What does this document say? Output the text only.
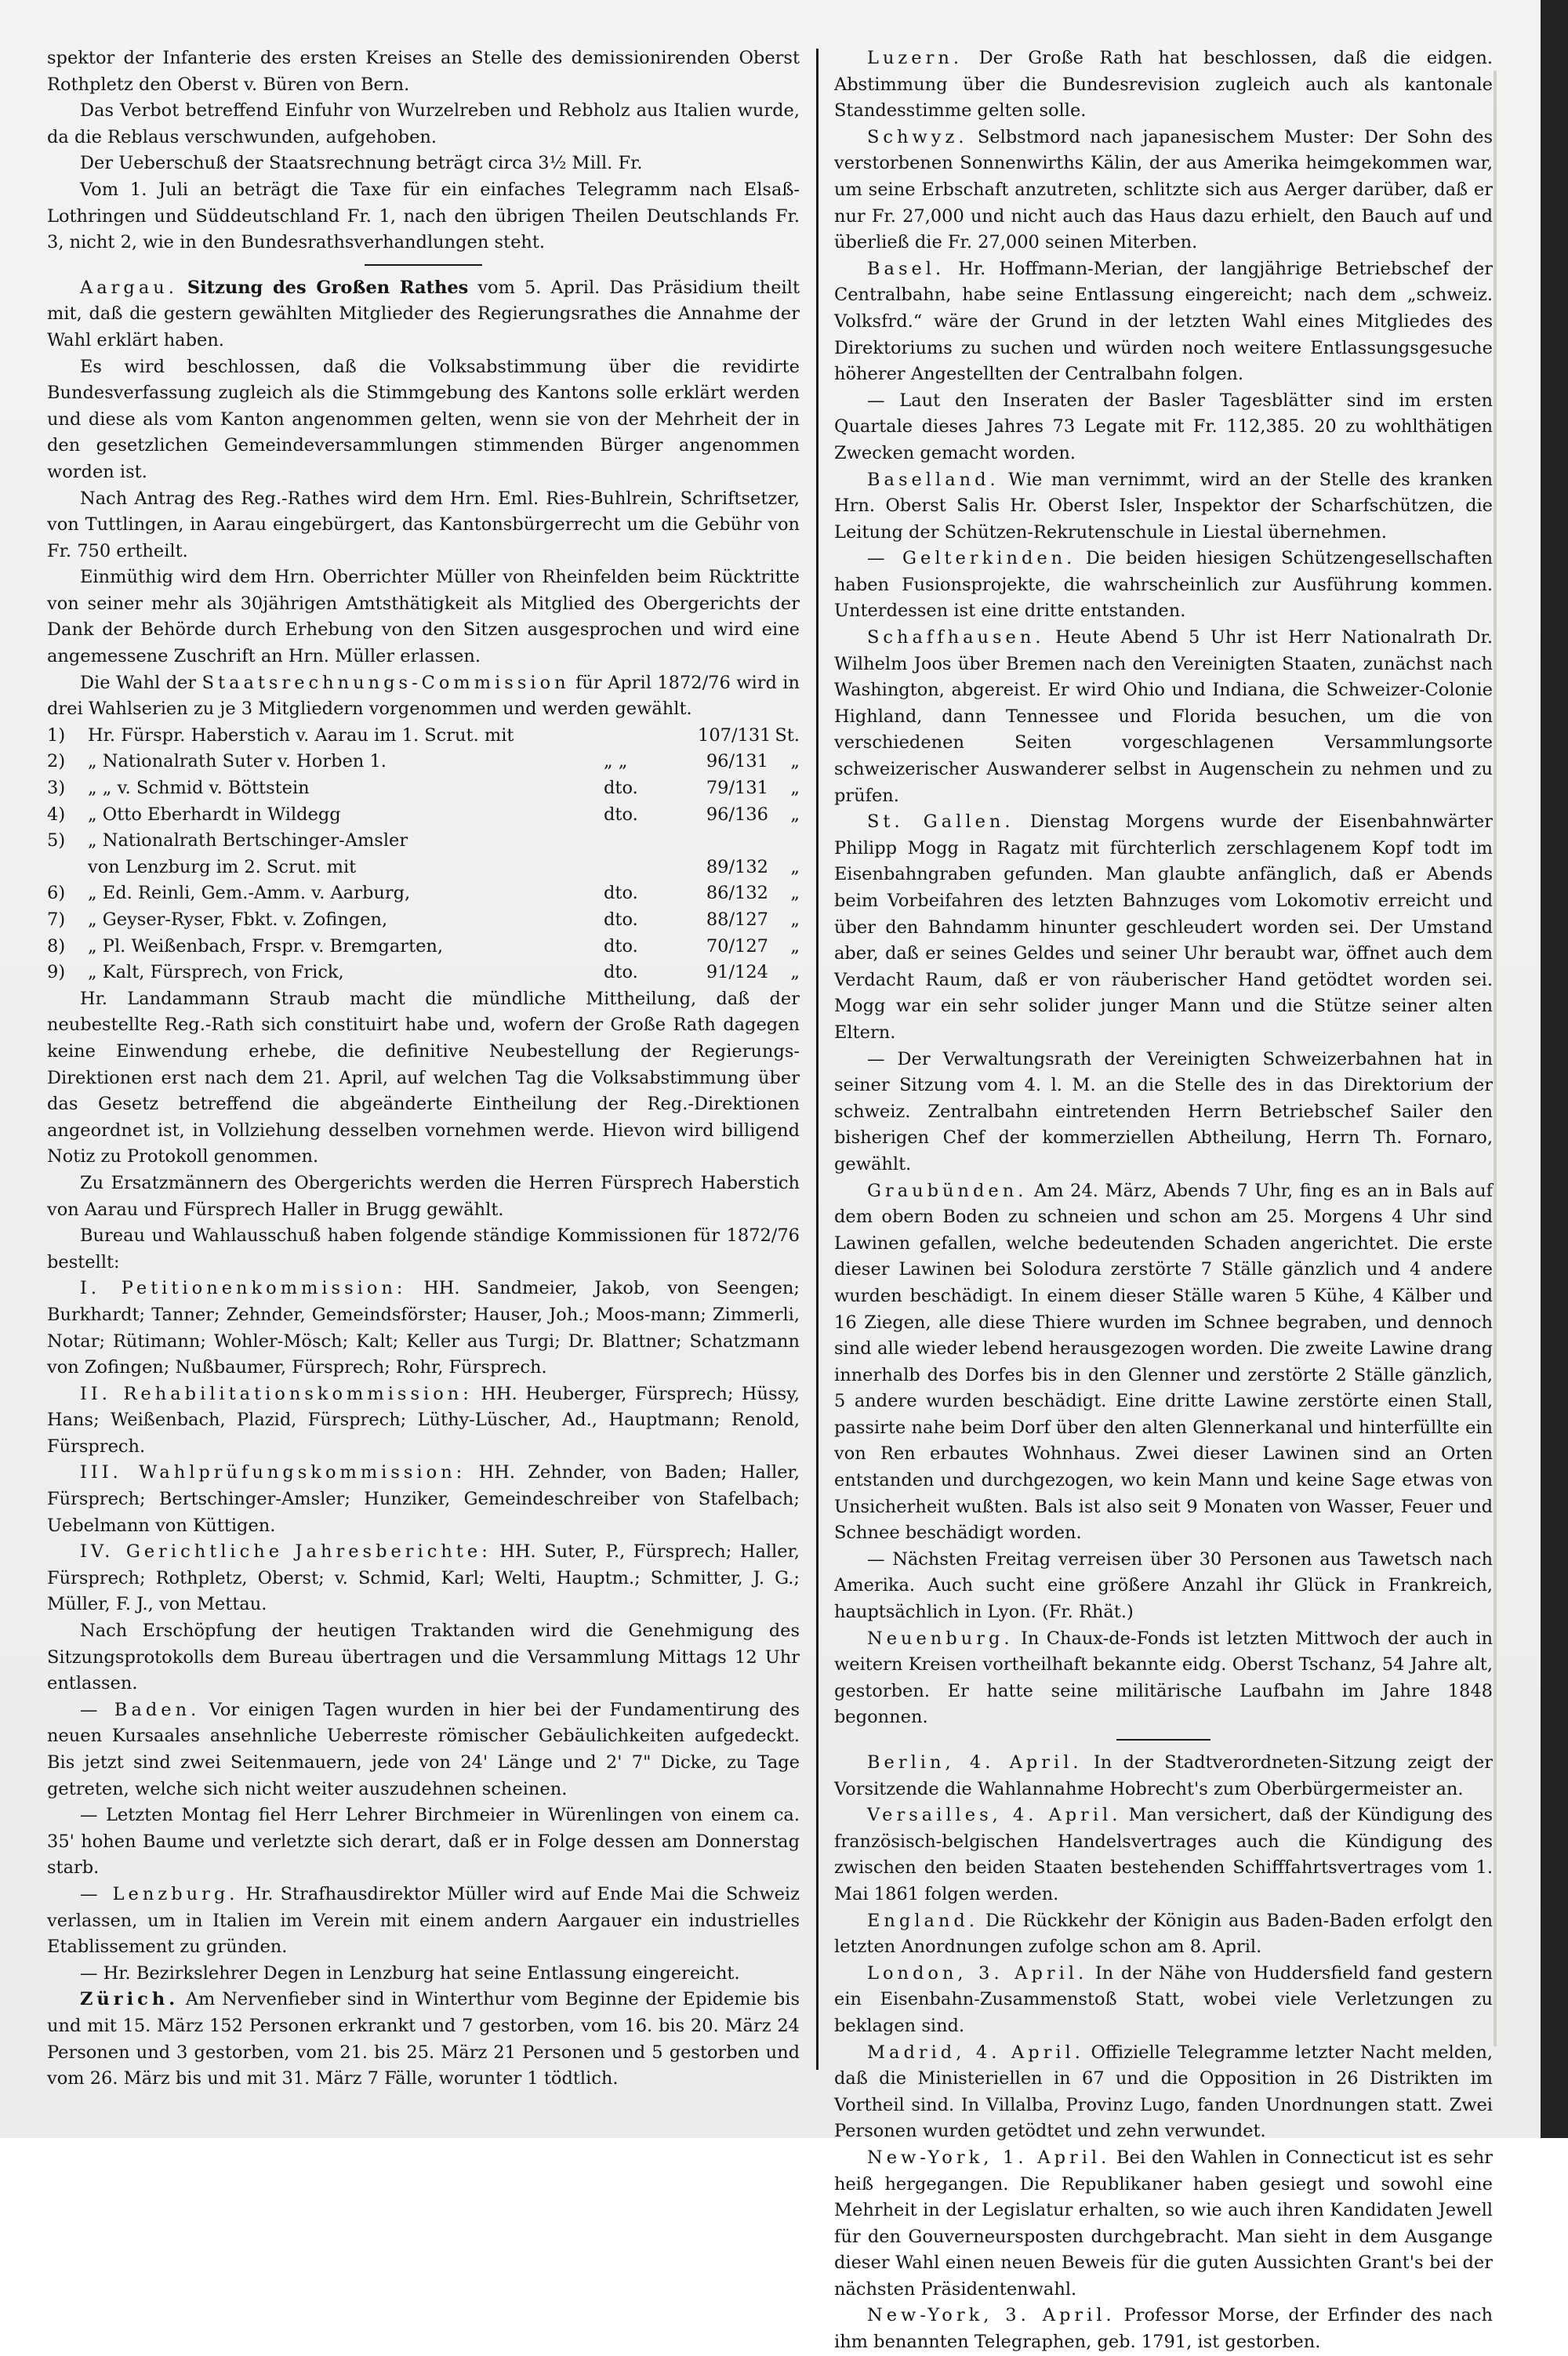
spektor der Infanterie des ersten Kreises an Stelle des demissionirenden Oberst Rothpletz den Oberst v. Büren von Bern.

Das Verbot betreffend Einfuhr von Wurzelreben und Rebholz aus Italien wurde, da die Reblaus verschwunden, aufgehoben.

Der Ueberschuß der Staatsrechnung beträgt circa 3½ Mill. Fr.

Vom 1. Juli an beträgt die Taxe für ein einfaches Telegramm nach Elsaß-Lothringen und Süddeutschland Fr. 1, nach den übrigen Theilen Deutschlands Fr. 3, nicht 2, wie in den Bundesrathsverhandlungen steht.

Aargau. Sitzung des Großen Rathes vom 5. April. Das Präsidium theilt mit, daß die gestern gewählten Mitglieder des Regierungsrathes die Annahme der Wahl erklärt haben.

Es wird beschlossen, daß die Volksabstimmung über die revidirte Bundesverfassung zugleich als die Stimmgebung des Kantons solle erklärt werden und diese als vom Kanton angenommen gelten, wenn sie von der Mehrheit der in den gesetzlichen Gemeindeversammlungen stimmenden Bürger angenommen worden ist.

Nach Antrag des Reg.-Rathes wird dem Hrn. Eml. Ries-Buhlrein, Schriftsetzer, von Tuttlingen, in Aarau eingebürgert, das Kantonsbürgerrecht um die Gebühr von Fr. 750 ertheilt.

Einmüthig wird dem Hrn. Oberrichter Müller von Rheinfelden beim Rücktritte von seiner mehr als 30jährigen Amtsthätigkeit als Mitglied des Obergerichts der Dank der Behörde durch Erhebung von den Sitzen ausgesprochen und wird eine angemessene Zuschrift an Hrn. Müller erlassen.

Die Wahl der Staatsrechnungs-Commission für April 1872/76 wird in drei Wahlserien zu je 3 Mitgliedern vorgenommen und werden gewählt.

1)	Hr. Fürspr. Haberstich v. Aarau im 1. Scrut. mit	107/131 St.
2)	„ Nationalrath Suter v. Horben 1.	„ „	96/131	„
3)	„ „ v. Schmid v. Böttstein	dto.	79/131	„
4)	„ Otto Eberhardt in Wildegg	dto.	96/136	„
5)	„ Nationalrath Bertschinger-Amsler
von Lenzburg im 2. Scrut. mit	89/132	„
6)	„ Ed. Reinli, Gem.-Amm. v. Aarburg,	dto.	86/132	„
7)	„ Geyser-Ryser, Fbkt. v. Zofingen,	dto.	88/127	„
8)	„ Pl. Weißenbach, Frspr. v. Bremgarten,	dto.	70/127	„
9)	„ Kalt, Fürsprech, von Frick,	dto.	91/124	„

Hr. Landammann Straub macht die mündliche Mittheilung, daß der neubestellte Reg.-Rath sich constituirt habe und, wofern der Große Rath dagegen keine Einwendung erhebe, die definitive Neubestellung der Regierungs-Direktionen erst nach dem 21. April, auf welchen Tag die Volksabstimmung über das Gesetz betreffend die abgeänderte Eintheilung der Reg.-Direktionen angeordnet ist, in Vollziehung desselben vornehmen werde. Hievon wird billigend Notiz zu Protokoll genommen.

Zu Ersatzmännern des Obergerichts werden die Herren Fürsprech Haberstich von Aarau und Fürsprech Haller in Brugg gewählt.

Bureau und Wahlausschuß haben folgende ständige Kommissionen für 1872/76 bestellt:

I. Petitionenkommission: HH. Sandmeier, Jakob, von Seengen; Burkhardt; Tanner; Zehnder, Gemeindsförster; Hauser, Joh.; Moos-mann; Zimmerli, Notar; Rütimann; Wohler-Mösch; Kalt; Keller aus Turgi; Dr. Blattner; Schatzmann von Zofingen; Nußbaumer, Fürsprech; Rohr, Fürsprech.

II. Rehabilitationskommission: HH. Heuberger, Fürsprech; Hüssy, Hans; Weißenbach, Plazid, Fürsprech; Lüthy-Lüscher, Ad., Hauptmann; Renold, Fürsprech.

III. Wahlprüfungskommission: HH. Zehnder, von Baden; Haller, Fürsprech; Bertschinger-Amsler; Hunziker, Gemeindeschreiber von Stafelbach; Uebelmann von Küttigen.

IV. Gerichtliche Jahresberichte: HH. Suter, P., Fürsprech; Haller, Fürsprech; Rothpletz, Oberst; v. Schmid, Karl; Welti, Hauptm.; Schmitter, J. G.; Müller, F. J., von Mettau.

Nach Erschöpfung der heutigen Traktanden wird die Genehmigung des Sitzungsprotokolls dem Bureau übertragen und die Versammlung Mittags 12 Uhr entlassen.

— Baden. Vor einigen Tagen wurden in hier bei der Fundamentirung des neuen Kursaales ansehnliche Ueberreste römischer Gebäulichkeiten aufgedeckt. Bis jetzt sind zwei Seitenmauern, jede von 24' Länge und 2' 7" Dicke, zu Tage getreten, welche sich nicht weiter auszudehnen scheinen.

— Letzten Montag fiel Herr Lehrer Birchmeier in Würenlingen von einem ca. 35' hohen Baume und verletzte sich derart, daß er in Folge dessen am Donnerstag starb.

— Lenzburg. Hr. Strafhausdirektor Müller wird auf Ende Mai die Schweiz verlassen, um in Italien im Verein mit einem andern Aargauer ein industrielles Etablissement zu gründen.

— Hr. Bezirkslehrer Degen in Lenzburg hat seine Entlassung eingereicht.

Zürich. Am Nervenfieber sind in Winterthur vom Beginne der Epidemie bis und mit 15. März 152 Personen erkrankt und 7 gestorben, vom 16. bis 20. März 24 Personen und 3 gestorben, vom 21. bis 25. März 21 Personen und 5 gestorben und vom 26. März bis und mit 31. März 7 Fälle, worunter 1 tödtlich.

Luzern. Der Große Rath hat beschlossen, daß die eidgen. Abstimmung über die Bundesrevision zugleich auch als kantonale Standesstimme gelten solle.

Schwyz. Selbstmord nach japanesischem Muster: Der Sohn des verstorbenen Sonnenwirths Kälin, der aus Amerika heimgekommen war, um seine Erbschaft anzutreten, schlitzte sich aus Aerger darüber, daß er nur Fr. 27,000 und nicht auch das Haus dazu erhielt, den Bauch auf und überließ die Fr. 27,000 seinen Miterben.

Basel. Hr. Hoffmann-Merian, der langjährige Betriebschef der Centralbahn, habe seine Entlassung eingereicht; nach dem „schweiz. Volksfrd.“ wäre der Grund in der letzten Wahl eines Mitgliedes des Direktoriums zu suchen und würden noch weitere Entlassungsgesuche höherer Angestellten der Centralbahn folgen.

— Laut den Inseraten der Basler Tagesblätter sind im ersten Quartale dieses Jahres 73 Legate mit Fr. 112,385. 20 zu wohlthätigen Zwecken gemacht worden.

Baselland. Wie man vernimmt, wird an der Stelle des kranken Hrn. Oberst Salis Hr. Oberst Isler, Inspektor der Scharfschützen, die Leitung der Schützen-Rekrutenschule in Liestal übernehmen.

— Gelterkinden. Die beiden hiesigen Schützengesellschaften haben Fusionsprojekte, die wahrscheinlich zur Ausführung kommen. Unterdessen ist eine dritte entstanden.

Schaffhausen. Heute Abend 5 Uhr ist Herr Nationalrath Dr. Wilhelm Joos über Bremen nach den Vereinigten Staaten, zunächst nach Washington, abgereist. Er wird Ohio und Indiana, die Schweizer-Colonie Highland, dann Tennessee und Florida besuchen, um die von verschiedenen Seiten vorgeschlagenen Versammlungsorte schweizerischer Auswanderer selbst in Augenschein zu nehmen und zu prüfen.

St. Gallen. Dienstag Morgens wurde der Eisenbahnwärter Philipp Mogg in Ragatz mit fürchterlich zerschlagenem Kopf todt im Eisenbahngraben gefunden. Man glaubte anfänglich, daß er Abends beim Vorbeifahren des letzten Bahnzuges vom Lokomotiv erreicht und über den Bahndamm hinunter geschleudert worden sei. Der Umstand aber, daß er seines Geldes und seiner Uhr beraubt war, öffnet auch dem Verdacht Raum, daß er von räuberischer Hand getödtet worden sei. Mogg war ein sehr solider junger Mann und die Stütze seiner alten Eltern.

— Der Verwaltungsrath der Vereinigten Schweizerbahnen hat in seiner Sitzung vom 4. l. M. an die Stelle des in das Direktorium der schweiz. Zentralbahn eintretenden Herrn Betriebschef Sailer den bisherigen Chef der kommerziellen Abtheilung, Herrn Th. Fornaro, gewählt.

Graubünden. Am 24. März, Abends 7 Uhr, fing es an in Bals auf dem obern Boden zu schneien und schon am 25. Morgens 4 Uhr sind Lawinen gefallen, welche bedeutenden Schaden angerichtet. Die erste dieser Lawinen bei Solodura zerstörte 7 Ställe gänzlich und 4 andere wurden beschädigt. In einem dieser Ställe waren 5 Kühe, 4 Kälber und 16 Ziegen, alle diese Thiere wurden im Schnee begraben, und dennoch sind alle wieder lebend herausgezogen worden. Die zweite Lawine drang innerhalb des Dorfes bis in den Glenner und zerstörte 2 Ställe gänzlich, 5 andere wurden beschädigt. Eine dritte Lawine zerstörte einen Stall, passirte nahe beim Dorf über den alten Glennerkanal und hinterfüllte ein von Ren erbautes Wohnhaus. Zwei dieser Lawinen sind an Orten entstanden und durchgezogen, wo kein Mann und keine Sage etwas von Unsicherheit wußten. Bals ist also seit 9 Monaten von Wasser, Feuer und Schnee beschädigt worden.

— Nächsten Freitag verreisen über 30 Personen aus Tawetsch nach Amerika. Auch sucht eine größere Anzahl ihr Glück in Frankreich, hauptsächlich in Lyon. (Fr. Rhät.)

Neuenburg. In Chaux-de-Fonds ist letzten Mittwoch der auch in weitern Kreisen vortheilhaft bekannte eidg. Oberst Tschanz, 54 Jahre alt, gestorben. Er hatte seine militärische Laufbahn im Jahre 1848 begonnen.

Berlin, 4. April. In der Stadtverordneten-Sitzung zeigt der Vorsitzende die Wahlannahme Hobrecht's zum Oberbürgermeister an.

Versailles, 4. April. Man versichert, daß der Kündigung des französisch-belgischen Handelsvertrages auch die Kündigung des zwischen den beiden Staaten bestehenden Schifffahrtsvertrages vom 1. Mai 1861 folgen werden.

England. Die Rückkehr der Königin aus Baden-Baden erfolgt den letzten Anordnungen zufolge schon am 8. April.

London, 3. April. In der Nähe von Huddersfield fand gestern ein Eisenbahn-Zusammenstoß Statt, wobei viele Verletzungen zu beklagen sind.

Madrid, 4. April. Offizielle Telegramme letzter Nacht melden, daß die Ministeriellen in 67 und die Opposition in 26 Distrikten im Vortheil sind. In Villalba, Provinz Lugo, fanden Unordnungen statt. Zwei Personen wurden getödtet und zehn verwundet.

New-York, 1. April. Bei den Wahlen in Connecticut ist es sehr heiß hergegangen. Die Republikaner haben gesiegt und sowohl eine Mehrheit in der Legislatur erhalten, so wie auch ihren Kandidaten Jewell für den Gouverneursposten durchgebracht. Man sieht in dem Ausgange dieser Wahl einen neuen Beweis für die guten Aussichten Grant's bei der nächsten Präsidentenwahl.

New-York, 3. April. Professor Morse, der Erfinder des nach ihm benannten Telegraphen, geb. 1791, ist gestorben.
